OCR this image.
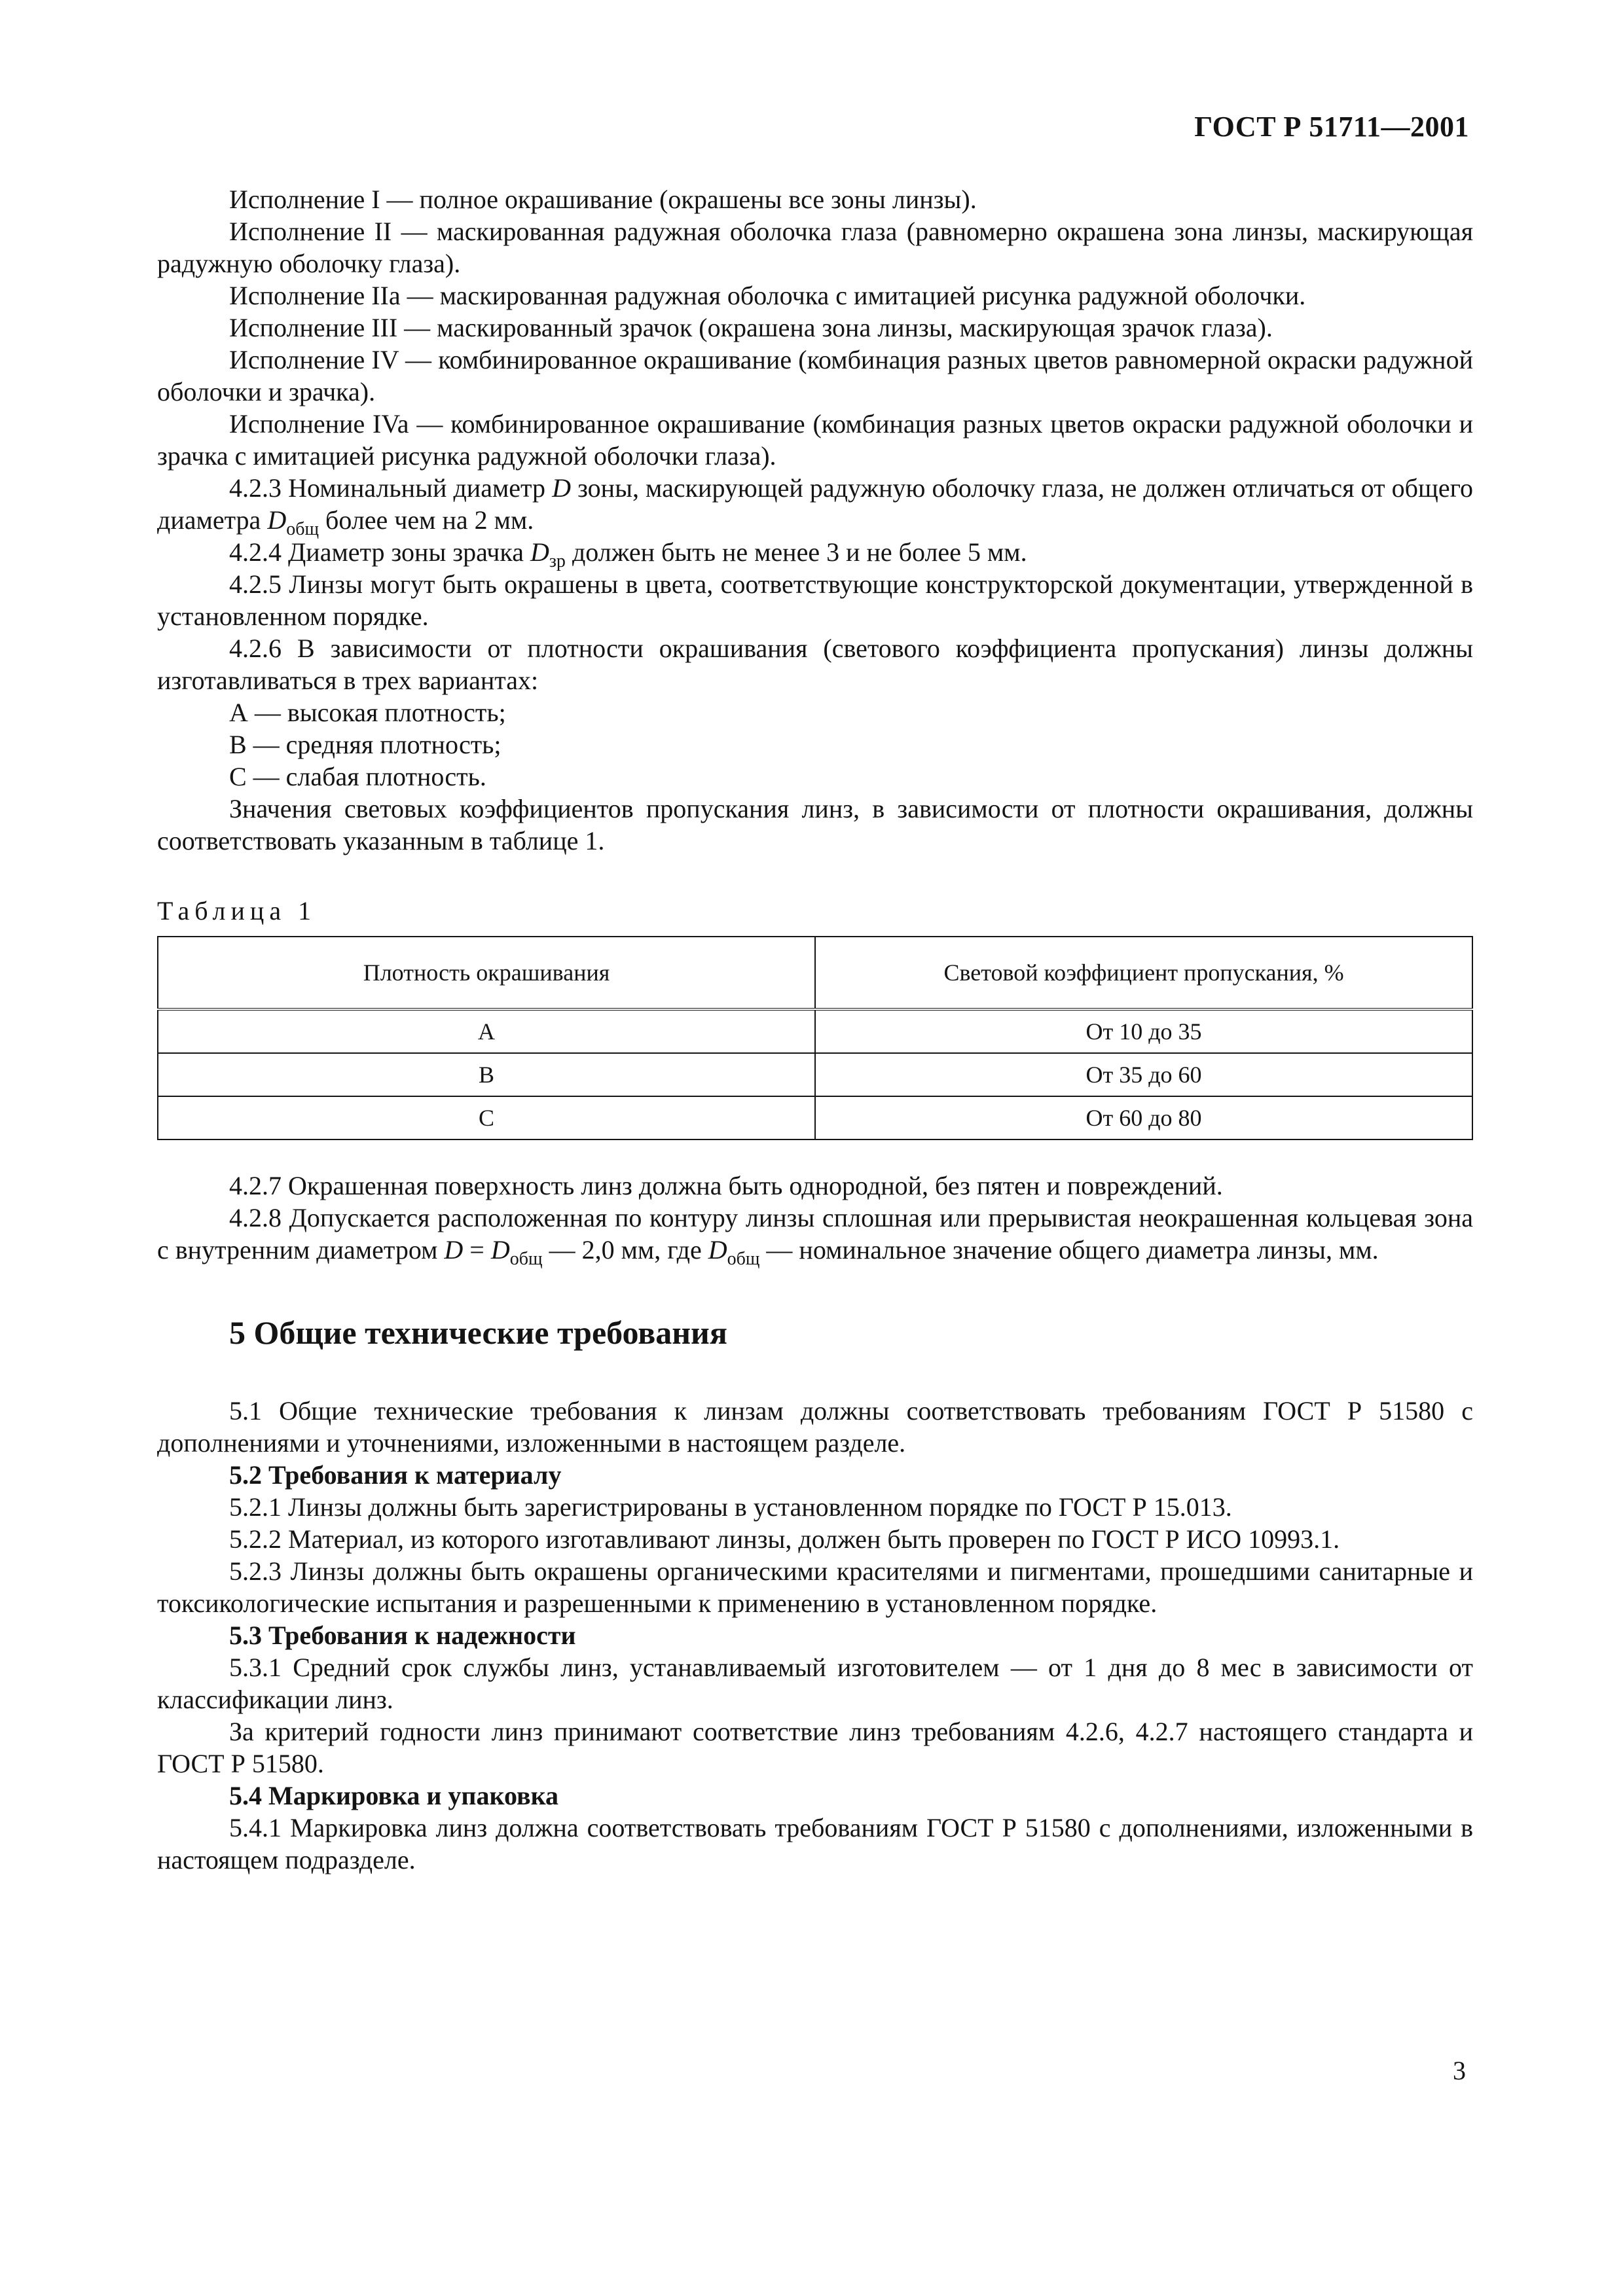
ГОСТ Р 51711—2001

Исполнение I — полное окрашивание (окрашены все зоны линзы).

Исполнение II — маскированная радужная оболочка глаза (равномерно окрашена зона линзы, маскирующая радужную оболочку глаза).

Исполнение IIа — маскированная радужная оболочка с имитацией рисунка радужной оболочки.

Исполнение III — маскированный зрачок (окрашена зона линзы, маскирующая зрачок глаза).

Исполнение IV — комбинированное окрашивание (комбинация разных цветов равномерной окраски радужной оболочки и зрачка).

Исполнение IVa — комбинированное окрашивание (комбинация разных цветов окраски радужной оболочки и зрачка с имитацией рисунка радужной оболочки глаза).

4.2.3 Номинальный диаметр D зоны, маскирующей радужную оболочку глаза, не должен отличаться от общего диаметра $D_{общ}$ более чем на 2 мм.

4.2.4 Диаметр зоны зрачка $D_{зр}$ должен быть не менее 3 и не более 5 мм.

4.2.5 Линзы могут быть окрашены в цвета, соответствующие конструкторской документации, утвержденной в установленном порядке.

4.2.6 В зависимости от плотности окрашивания (светового коэффициента пропускания) линзы должны изготавливаться в трех вариантах:

А — высокая плотность;

В — средняя плотность;

С — слабая плотность.

Значения световых коэффициентов пропускания линз, в зависимости от плотности окрашивания, должны соответствовать указанным в таблице 1.

Таблица 1
Плотность окрашивания	Световой коэффициент пропускания, %
А	От 10 до 35
В	От 35 до 60
С	От 60 до 80

4.2.7 Окрашенная поверхность линз должна быть однородной, без пятен и повреждений.

4.2.8 Допускается расположенная по контуру линзы сплошная или прерывистая неокрашенная кольцевая зона с внутренним диаметром $D = D_{общ}$ — 2,0 мм, где $D_{общ}$ — номинальное значение общего диаметра линзы, мм.

5 Общие технические требования

5.1 Общие технические требования к линзам должны соответствовать требованиям ГОСТ Р 51580 с дополнениями и уточнениями, изложенными в настоящем разделе.

5.2 Требования к материалу

5.2.1 Линзы должны быть зарегистрированы в установленном порядке по ГОСТ Р 15.013.

5.2.2 Материал, из которого изготавливают линзы, должен быть проверен по ГОСТ Р ИСО 10993.1.

5.2.3 Линзы должны быть окрашены органическими красителями и пигментами, прошедшими санитарные и токсикологические испытания и разрешенными к применению в установленном порядке.

5.3 Требования к надежности

5.3.1 Средний срок службы линз, устанавливаемый изготовителем — от 1 дня до 8 мес в зависимости от классификации линз.

За критерий годности линз принимают соответствие линз требованиям 4.2.6, 4.2.7 настоящего стандарта и ГОСТ Р 51580.

5.4 Маркировка и упаковка

5.4.1 Маркировка линз должна соответствовать требованиям ГОСТ Р 51580 с дополнениями, изложенными в настоящем подразделе.

3
